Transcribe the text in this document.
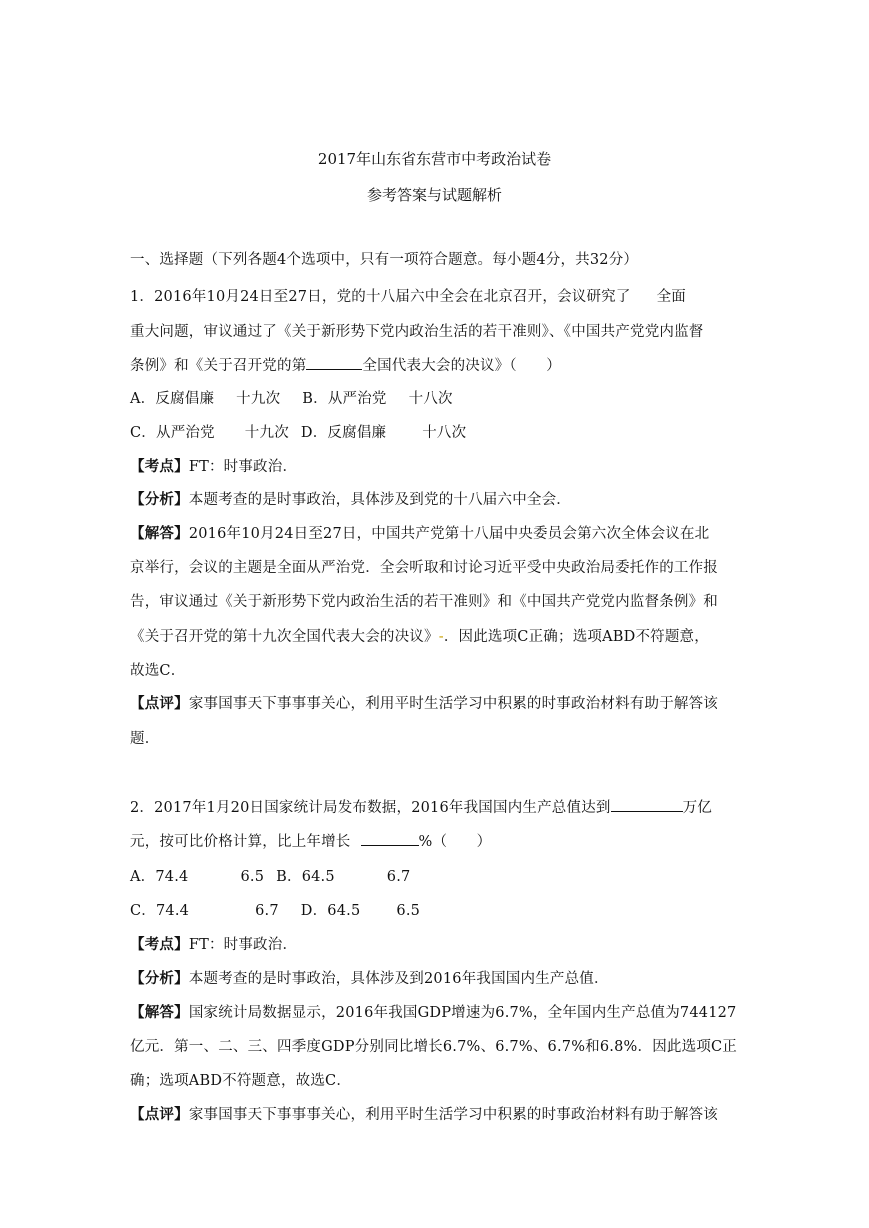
2017年山东省东营市中考政治试卷
参考答案与试题解析
一、选择题（下列各题4个选项中，只有一项符合题意。每小题4分，共32分）
1．2016年10月24日至27日，党的十八届六中全会在北京召开，会议研究了 全面
重大问题，审议通过了《关于新形势下党内政治生活的若干准则》、《中国共产党党内监督
条例》和《关于召开党的第	全国代表大会的决议》（　　）
A．反腐倡廉 十九次 B．从严治党 十八次
C．从严治党 十九次 D．反腐倡廉 十八次
【考点】FT：时事政治．
【分析】本题考查的是时事政治，具体涉及到党的十八届六中全会．
【解答】2016年10月24日至27日，中国共产党第十八届中央委员会第六次全体会议在北
京举行，会议的主题是全面从严治党．全会听取和讨论习近平受中央政治局委托作的工作报
告，审议通过《关于新形势下党内政治生活的若干准则》和《中国共产党党内监督条例》和
《关于召开党的第十九次全国代表大会的决议》-．因此选项C正确；选项ABD不符题意，
故选C．
【点评】家事国事天下事事事关心，利用平时生活学习中积累的时事政治材料有助于解答该
题．
2．2017年1月20日国家统计局发布数据，2016年我国国内生产总值达到	万亿
元，按可比价格计算，比上年增长	%（　　）
A．74.4	6.5 B．64.5	6.7
C．74.4	6.7 D．64.5 6.5
【考点】FT：时事政治．
【分析】本题考查的是时事政治，具体涉及到2016年我国国内生产总值．
【解答】国家统计局数据显示，2016年我国GDP增速为6.7%，全年国内生产总值为744127
亿元．第一、二、三、四季度GDP分别同比增长6.7%、6.7%、6.7%和6.8%．因此选项C正
确；选项ABD不符题意，故选C．
【点评】家事国事天下事事事关心，利用平时生活学习中积累的时事政治材料有助于解答该
